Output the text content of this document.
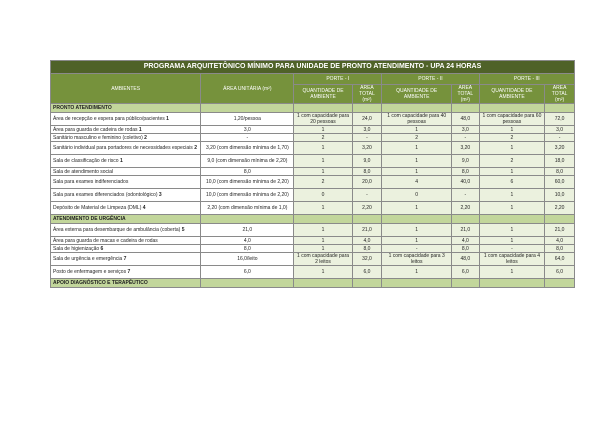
PROGRAMA ARQUITETÔNICO MÍNIMO PARA UNIDADE DE PRONTO ATENDIMENTO - UPA 24 HORAS							
AMBIENTES	ÁREA UNITÁRIA (m²)	PORTE - I		PORTE - II		PORTE - III	
		QUANTIDADE DE AMBIENTE	ÁREA TOTAL (m²)	QUANTIDADE DE AMBIENTE	ÁREA TOTAL (m²)	QUANTIDADE DE AMBIENTE	ÁREA TOTAL (m²)
PRONTO ATENDIMENTO							
Área de recepção e espera para público/pacientes 1	1,20/pessoa	1 com capacidade para 20 pessoas	24,0	1 com capacidade para 40 pessoas	48,0	1 com capacidade para 60 pessoas	72,0
Área para guarda de cadeira de rodas 1	3,0	1	3,0	1	3,0	1	3,0
Sanitário masculino e feminino (coletivo) 2	-	2	-	2	-	2	-
Sanitário individual para portadores de necessidades especiais 2	3,20 (com dimensão mínima de 1,70)	1	3,20	1	3,20	1	3,20
Sala de classificação de risco 1	9,0 (com dimensão mínima de 2,20)	1	9,0	1	9,0	2	18,0
Sala de atendimento social	8,0	1	8,0	1	8,0	1	8,0
Sala para exames indiferenciados	10,0 (com dimensão mínima de 2,20)	2	20,0	4	40,0	6	60,0
Sala para exames diferenciados (odontológico) 3	10,0 (com dimensão mínima de 2,20)	0	-	0	-	1	10,0
Depósito de Material de Limpeza (DML) 4	2,20 (com dimensão mínima de 1,0)	1	2,20	1	2,20	1	2,20
ATENDIMENTO DE URGÊNCIA							
Área externa para desembarque de ambulância (coberta) 5	21,0	1	21,0	1	21,0	1	21,0
Área para guarda de macas e cadeira de rodas	4,0	1	4,0	1	4,0	1	4,0
Sala de higienização 6	8,0	1	8,0	-	8,0	-	8,0
Sala de urgência e emergência 7	16,0/leito	1 com capacidade para 2 leitos	32,0	1 com capacidade para 3 leitos	48,0	1 com capacidade para 4 leitos	64,0
Posto de enfermagem e serviços 7	6,0	1	6,0	1	6,0	1	6,0
APOIO DIAGNÓSTICO E TERAPÊUTICO							
